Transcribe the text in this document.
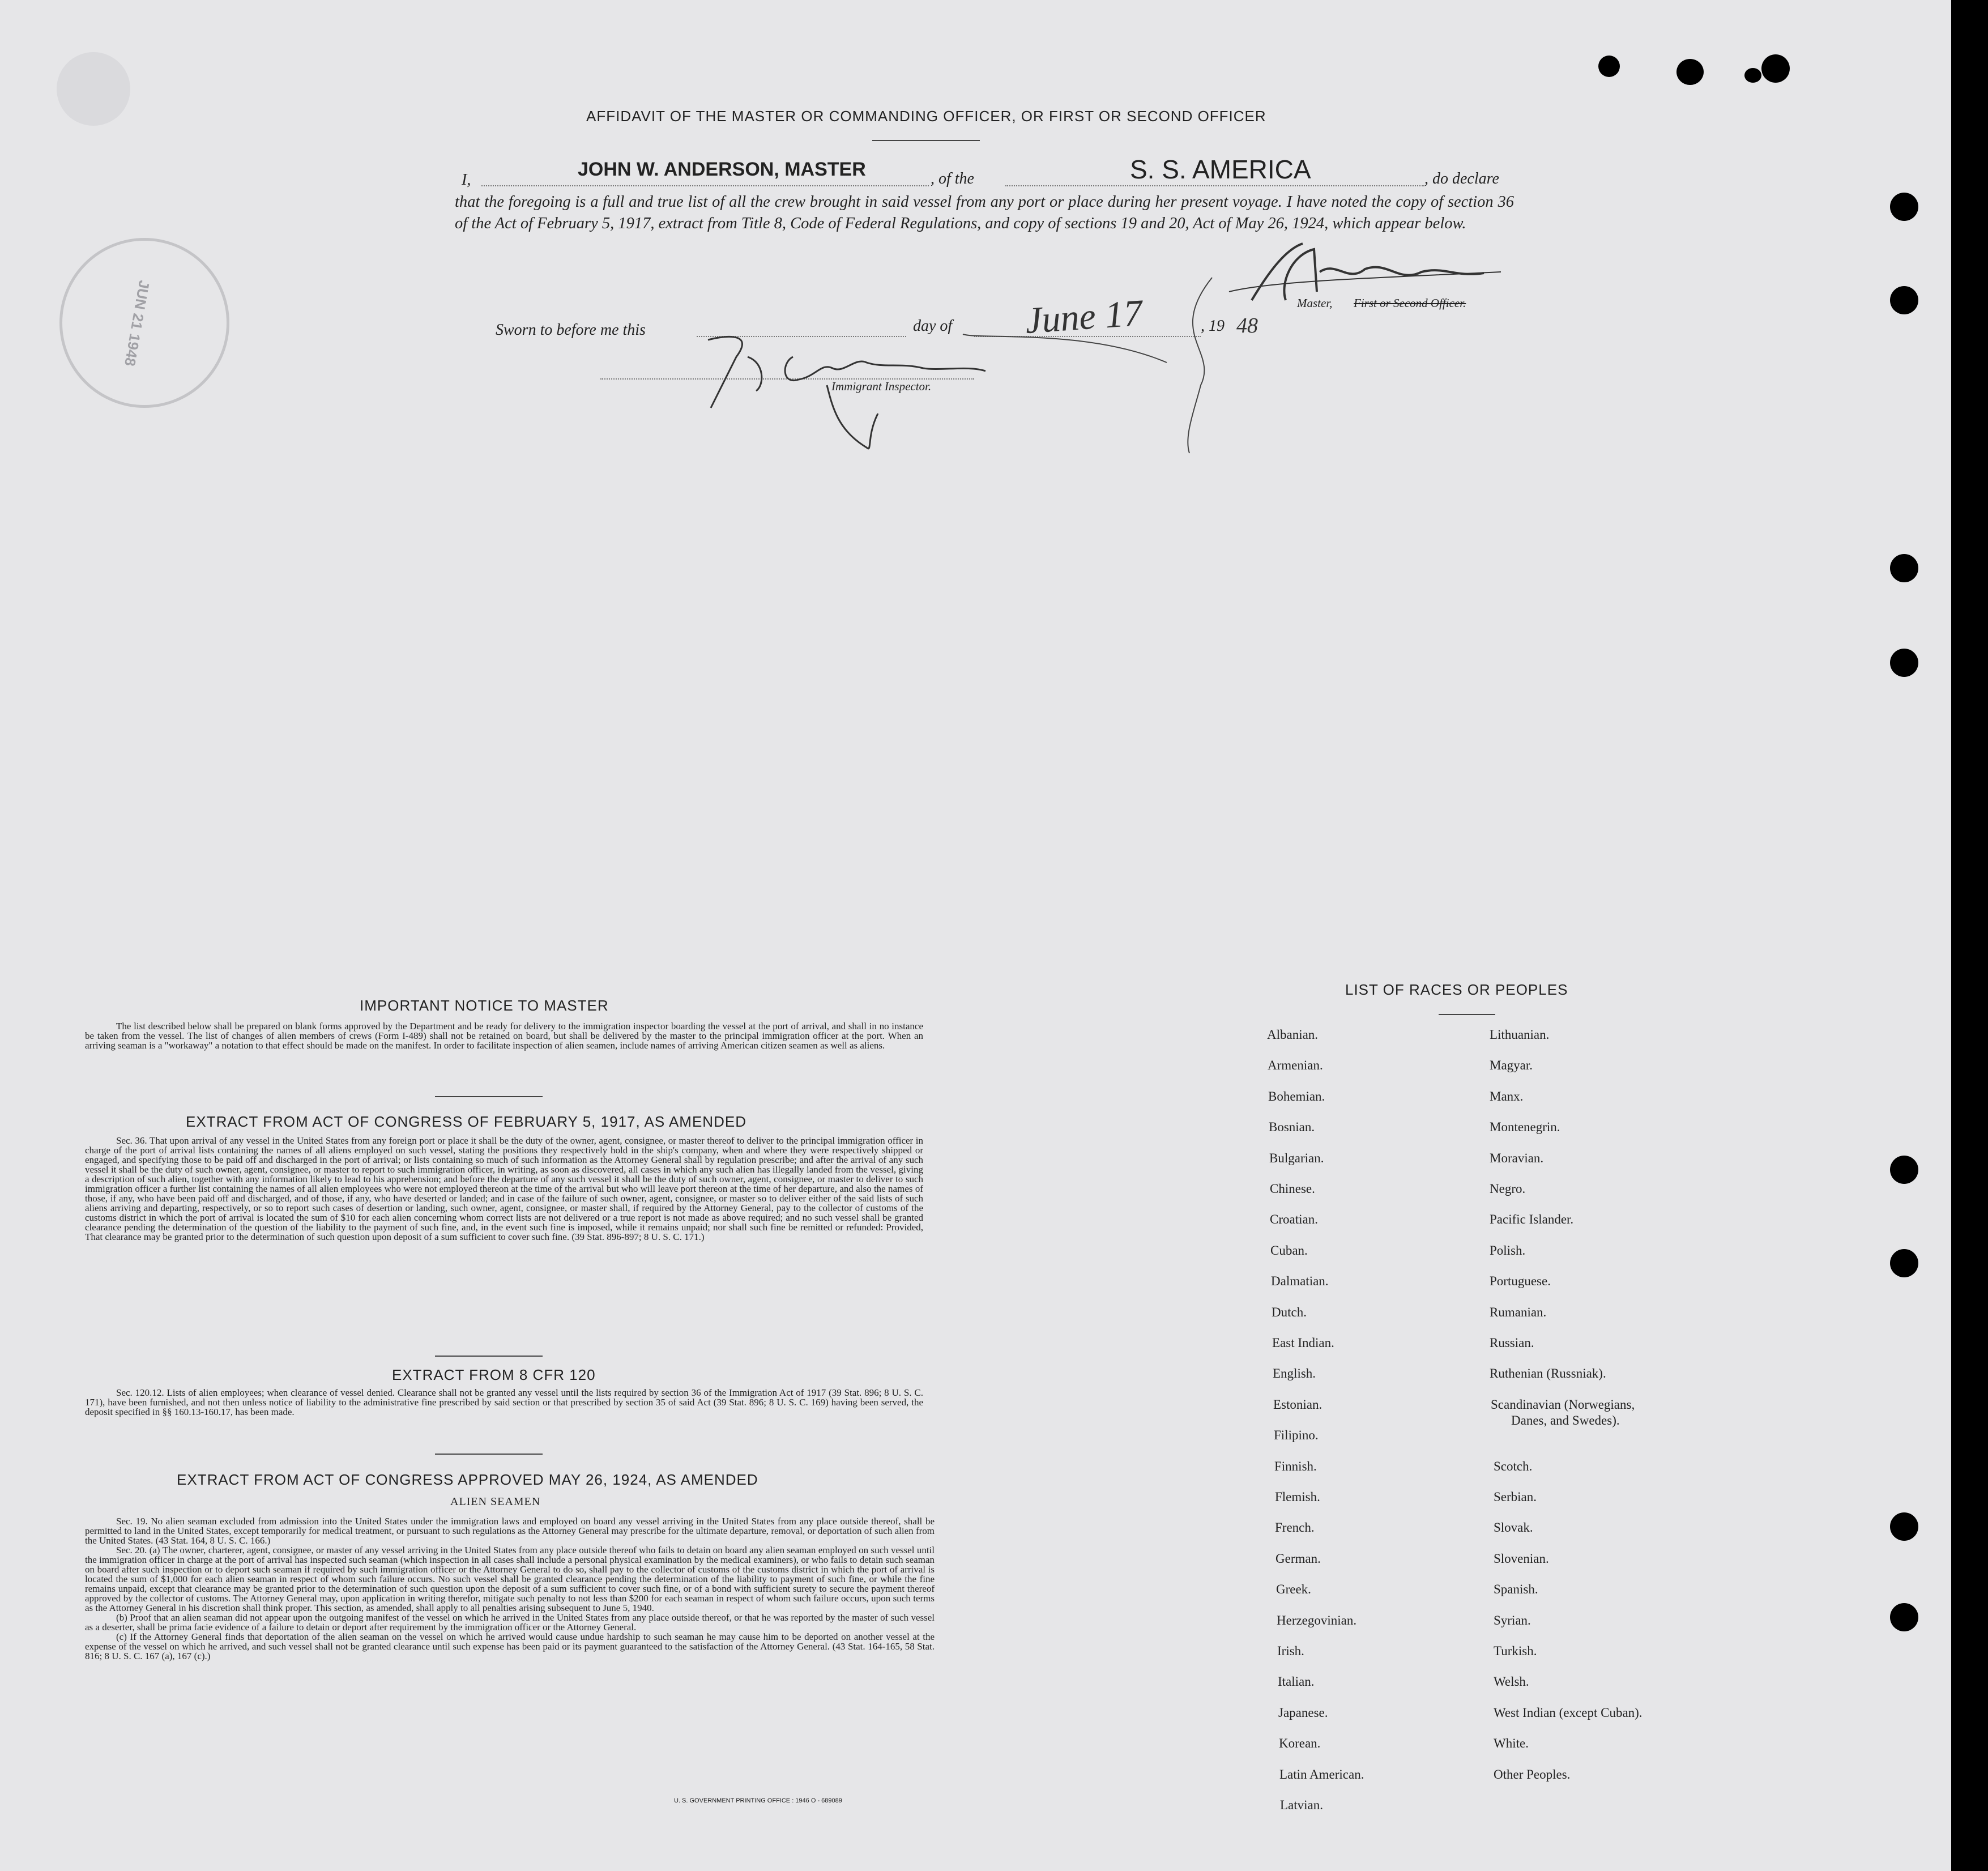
JUN 21 1948
AFFIDAVIT OF THE MASTER OR COMMANDING OFFICER, OR FIRST OR SECOND OFFICER
I,	JOHN W. ANDERSON, MASTER	, of the	S. S. AMERICA	, do declare
that the foregoing is a full and true list of all the crew brought in said vessel from any port or place during her present voyage. I have noted the copy of section 36 of the Act of February 5, 1917, extract from Title 8, Code of Federal Regulations, and copy of sections 19 and 20, Act of May 26, 1924, which appear below.
Master, First or Second Officer.
Sworn to before me this	day of June 17	, 19 48
Immigrant Inspector.
IMPORTANT NOTICE TO MASTER

The list described below shall be prepared on blank forms approved by the Department and be ready for delivery to the immigration inspector boarding the vessel at the port of arrival, and shall in no instance be taken from the vessel. The list of changes of alien members of crews (Form I-489) shall not be retained on board, but shall be delivered by the master to the principal immigration officer at the port. When an arriving seaman is a "workaway" a notation to that effect should be made on the manifest. In order to facilitate inspection of alien seamen, include names of arriving American citizen seamen as well as aliens.

EXTRACT FROM ACT OF CONGRESS OF FEBRUARY 5, 1917, AS AMENDED

Sec. 36. That upon arrival of any vessel in the United States from any foreign port or place it shall be the duty of the owner, agent, consignee, or master thereof to deliver to the principal immigration officer in charge of the port of arrival lists containing the names of all aliens employed on such vessel, stating the positions they respectively hold in the ship's company, when and where they were respectively shipped or engaged, and specifying those to be paid off and discharged in the port of arrival; or lists containing so much of such information as the Attorney General shall by regulation prescribe; and after the arrival of any such vessel it shall be the duty of such owner, agent, consignee, or master to report to such immigration officer, in writing, as soon as discovered, all cases in which any such alien has illegally landed from the vessel, giving a description of such alien, together with any information likely to lead to his apprehension; and before the departure of any such vessel it shall be the duty of such owner, agent, consignee, or master to deliver to such immigration officer a further list containing the names of all alien employees who were not employed thereon at the time of the arrival but who will leave port thereon at the time of her departure, and also the names of those, if any, who have been paid off and discharged, and of those, if any, who have deserted or landed; and in case of the failure of such owner, agent, consignee, or master so to deliver either of the said lists of such aliens arriving and departing, respectively, or so to report such cases of desertion or landing, such owner, agent, consignee, or master shall, if required by the Attorney General, pay to the collector of customs of the customs district in which the port of arrival is located the sum of $10 for each alien concerning whom correct lists are not delivered or a true report is not made as above required; and no such vessel shall be granted clearance pending the determination of the question of the liability to the payment of such fine, and, in the event such fine is imposed, while it remains unpaid; nor shall such fine be remitted or refunded: Provided, That clearance may be granted prior to the determination of such question upon deposit of a sum sufficient to cover such fine. (39 Stat. 896-897; 8 U. S. C. 171.)

EXTRACT FROM 8 CFR 120

Sec. 120.12. Lists of alien employees; when clearance of vessel denied. Clearance shall not be granted any vessel until the lists required by section 36 of the Immigration Act of 1917 (39 Stat. 896; 8 U. S. C. 171), have been furnished, and not then unless notice of liability to the administrative fine prescribed by said section or that prescribed by section 35 of said Act (39 Stat. 896; 8 U. S. C. 169) having been served, the deposit specified in §§ 160.13-160.17, has been made.

EXTRACT FROM ACT OF CONGRESS APPROVED MAY 26, 1924, AS AMENDED
ALIEN SEAMEN

Sec. 19. No alien seaman excluded from admission into the United States under the immigration laws and employed on board any vessel arriving in the United States from any place outside thereof, shall be permitted to land in the United States, except temporarily for medical treatment, or pursuant to such regulations as the Attorney General may prescribe for the ultimate departure, removal, or deportation of such alien from the United States. (43 Stat. 164, 8 U. S. C. 166.)

Sec. 20. (a) The owner, charterer, agent, consignee, or master of any vessel arriving in the United States from any place outside thereof who fails to detain on board any alien seaman employed on such vessel until the immigration officer in charge at the port of arrival has inspected such seaman (which inspection in all cases shall include a personal physical examination by the medical examiners), or who fails to detain such seaman on board after such inspection or to deport such seaman if required by such immigration officer or the Attorney General to do so, shall pay to the collector of customs of the customs district in which the port of arrival is located the sum of $1,000 for each alien seaman in respect of whom such failure occurs. No such vessel shall be granted clearance pending the determination of the liability to payment of such fine, or while the fine remains unpaid, except that clearance may be granted prior to the determination of such question upon the deposit of a sum sufficient to cover such fine, or of a bond with sufficient surety to secure the payment thereof approved by the collector of customs. The Attorney General may, upon application in writing therefor, mitigate such penalty to not less than $200 for each seaman in respect of whom such failure occurs, upon such terms as the Attorney General in his discretion shall think proper. This section, as amended, shall apply to all penalties arising subsequent to June 5, 1940.

(b) Proof that an alien seaman did not appear upon the outgoing manifest of the vessel on which he arrived in the United States from any place outside thereof, or that he was reported by the master of such vessel as a deserter, shall be prima facie evidence of a failure to detain or deport after requirement by the immigration officer or the Attorney General.

(c) If the Attorney General finds that deportation of the alien seaman on the vessel on which he arrived would cause undue hardship to such seaman he may cause him to be deported on another vessel at the expense of the vessel on which he arrived, and such vessel shall not be granted clearance until such expense has been paid or its payment guaranteed to the satisfaction of the Attorney General. (43 Stat. 164-165, 58 Stat. 816; 8 U. S. C. 167 (a), 167 (c).)

U. S. GOVERNMENT PRINTING OFFICE : 1946 O - 689089
LIST OF RACES OR PEOPLES
Albanian.
Armenian.
Bohemian.
Bosnian.
Bulgarian.
Chinese.
Croatian.
Cuban.
Dalmatian.
Dutch.
East Indian.
English.
Estonian.
Filipino.
Finnish.
Flemish.
French.
German.
Greek.
Herzegovinian.
Irish.
Italian.
Japanese.
Korean.
Latin American.
Latvian.
Lithuanian.
Magyar.
Manx.
Montenegrin.
Moravian.
Negro.
Pacific Islander.
Polish.
Portuguese.
Rumanian.
Russian.
Ruthenian (Russniak).
Scandinavian (Norwegians,
Danes, and Swedes).
Scotch.
Serbian.
Slovak.
Slovenian.
Spanish.
Syrian.
Turkish.
Welsh.
West Indian (except Cuban).
White.
Other Peoples.
